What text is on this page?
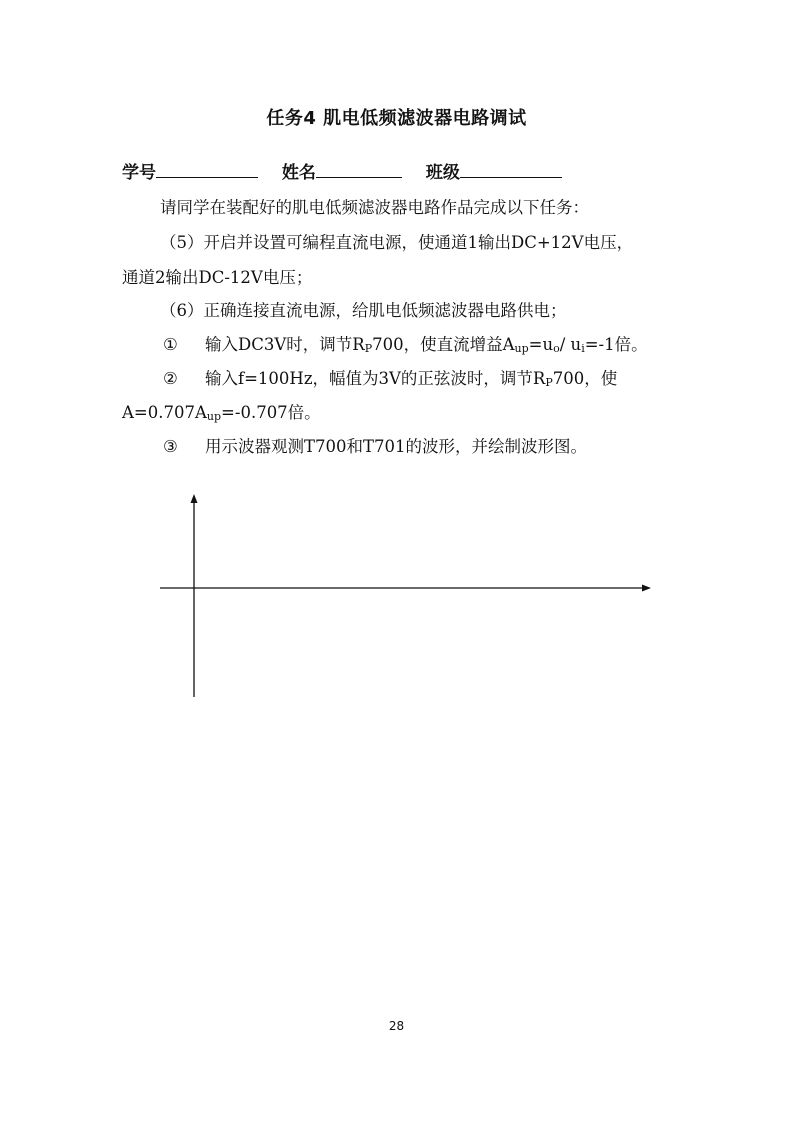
任务4 肌电低频滤波器电路调试
学号	姓名	班级
请同学在装配好的肌电低频滤波器电路作品完成以下任务：
（5）开启并设置可编程直流电源，使通道1输出DC+12V电压，
通道2输出DC-12V电压；
（6）正确连接直流电源，给肌电低频滤波器电路供电；
① 输入DC3V时，调节$R_P700$，使直流增益$A_{up}=u_o/$ $u_i=-1$倍。
② 输入f=100Hz，幅值为3V的正弦波时，调节$R_P700$，使
$A=0.707A_{up}=-0.707$倍。
③ 用示波器观测T700和T701的波形，并绘制波形图。
28
